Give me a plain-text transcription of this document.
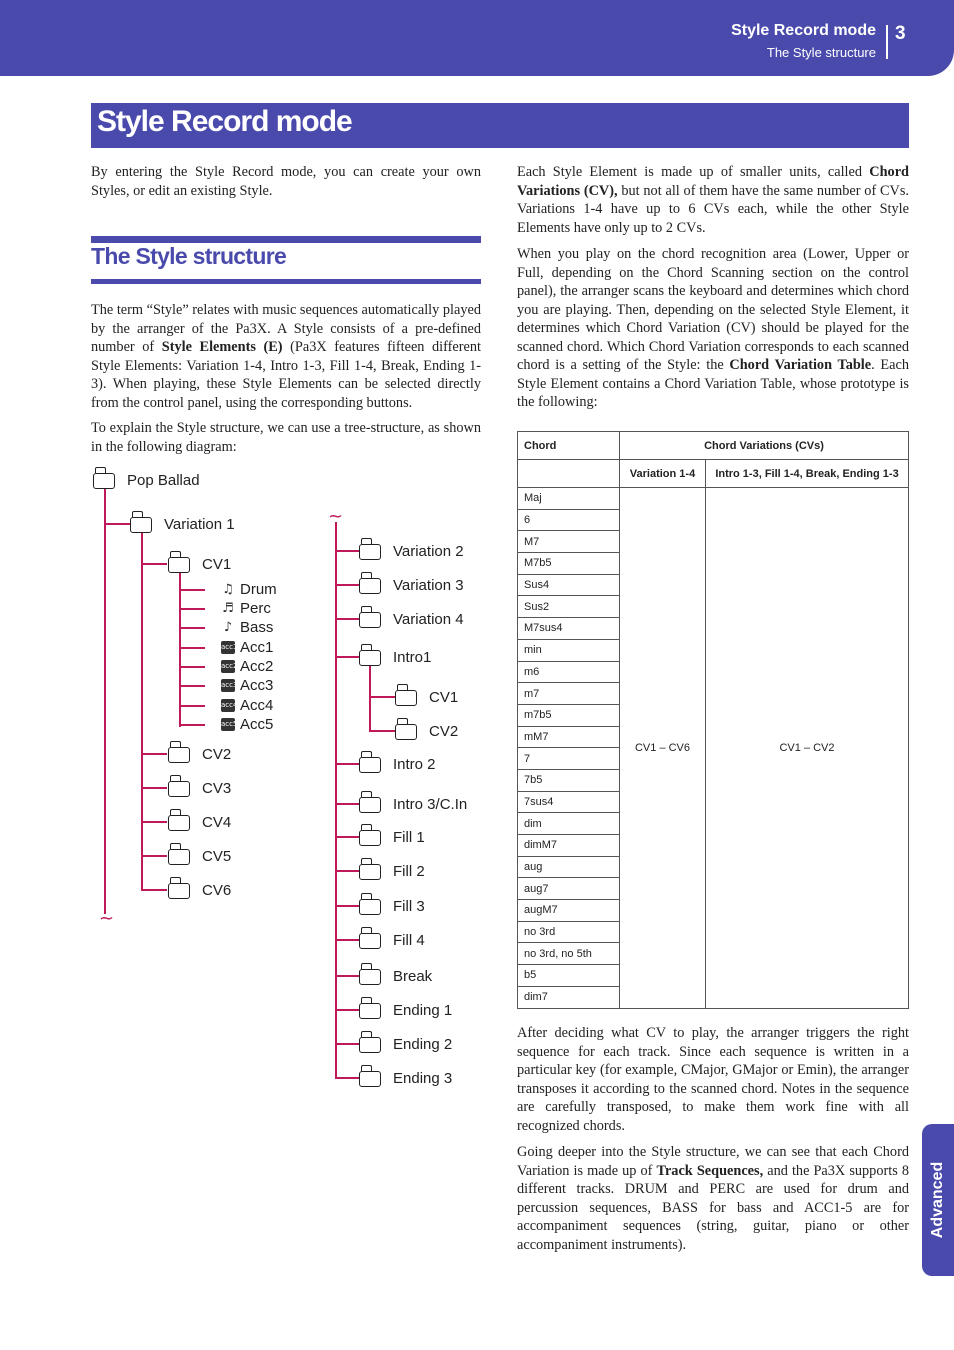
Style Record mode
The Style structure
3
Style Record mode

By entering the Style Record mode, you can create your own Styles, or edit an existing Style.

The Style structure

The term “Style” relates with music sequences automatically played by the arranger of the Pa3X. A Style consists of a pre-defined number of Style Elements (E) (Pa3X features fifteen different Style Elements: Variation 1-4, Intro 1-3, Fill 1-4, Break, Ending 1-3). When playing, these Style Elements can be selected directly from the control panel, using the corresponding buttons.

To explain the Style structure, we can use a tree-structure, as shown in the following diagram:

~
~
Pop Ballad
Variation 1
CV1
♫ Drum
♬ Perc
♪ Bass
acc1 Acc1
acc2 Acc2
acc3 Acc3
acc4 Acc4
acc5 Acc5
CV2
CV3
CV4
CV5
CV6
Variation 2
Variation 3
Variation 4
Intro1
CV1
CV2
Intro 2
Intro 3/C.In
Fill 1
Fill 2
Fill 3
Fill 4
Break
Ending 1
Ending 2
Ending 3

Each Style Element is made up of smaller units, called Chord Variations (CV), but not all of them have the same number of CVs. Variations 1-4 have up to 6 CVs each, while the other Style Elements have only up to 2 CVs.

When you play on the chord recognition area (Lower, Upper or Full, depending on the Chord Scanning section on the control panel), the arranger scans the keyboard and determines which chord you are playing. Then, depending on the selected Style Element, it determines which Chord Variation (CV) should be played for the scanned chord. Which Chord Variation corresponds to each scanned chord is a setting of the Style: the Chord Variation Table. Each Style Element contains a Chord Variation Table, whose prototype is the following:

Chord	Chord Variations (CVs)	
	Variation 1-4	Intro 1-3, Fill 1-4, Break, Ending 1-3
Maj	CV1 – CV6	CV1 – CV2
6		
M7		
M7b5		
Sus4		
Sus2		
M7sus4		
min		
m6		
m7		
m7b5		
mM7		
7		
7b5		
7sus4		
dim		
dimM7		
aug		
aug7		
augM7		
no 3rd		
no 3rd, no 5th		
b5		
dim7		

After deciding what CV to play, the arranger triggers the right sequence for each track. Since each sequence is written in a particular key (for example, CMajor, GMajor or Emin), the arranger transposes it according to the scanned chord. Notes in the sequence are carefully transposed, to make them work fine with all recognized chords.

Going deeper into the Style structure, we can see that each Chord Variation is made up of Track Sequences, and the Pa3X supports 8 different tracks. DRUM and PERC are used for drum and percussion sequences, BASS for bass and ACC1-5 are for accompaniment sequences (string, guitar, piano or other accompaniment instruments).

Advanced
